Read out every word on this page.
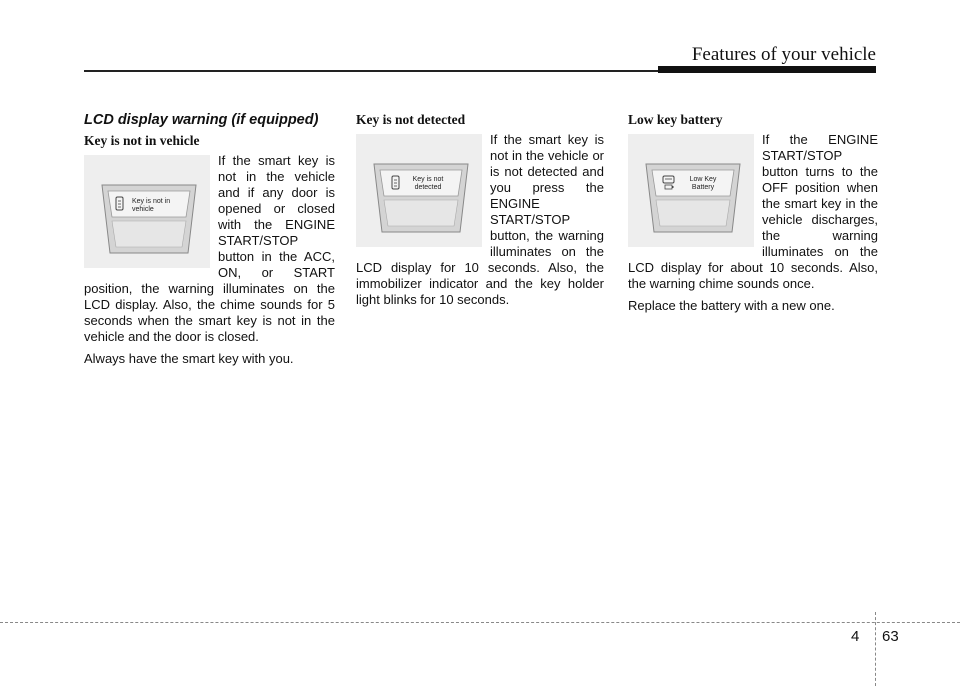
Features of your vehicle
LCD display warning (if equipped)
Key is not in vehicle
Key is not in vehicle

If the smart key is not in the vehicle and if any door is opened or closed with the ENGINE START/STOP button in the ACC, ON, or START position, the warning illuminates on the LCD display. Also, the chime sounds for 5 seconds when the smart key is not in the vehicle and the door is closed.

Always have the smart key with you.

Key is not detected
Key is not detected

If the smart key is not in the vehicle or is not detected and you press the ENGINE START/STOP button, the warning illuminates on the LCD display for 10 seconds. Also, the immobilizer indicator and the key holder light blinks for 10 seconds.

Low key battery
Low Key Battery

If the ENGINE START/STOP button turns to the OFF position when the smart key in the vehicle discharges, the warning illuminates on the LCD display for about 10 seconds. Also, the warning chime sounds once.

Replace the battery with a new one.

4 63
